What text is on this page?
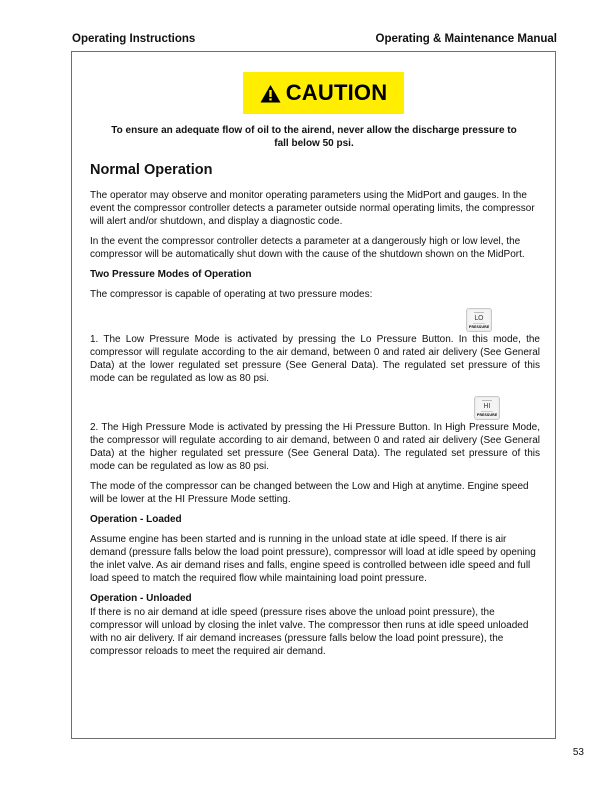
Operating Instructions	Operating & Maintenance Manual
CAUTION
To ensure an adequate flow of oil to the airend, never allow the discharge pressure to fall below 50 psi.
Normal Operation

The operator may observe and monitor operating parameters using the MidPort and gauges. In the event the compressor controller detects a parameter outside normal operating limits, the compressor will alert and/or shutdown, and display a diagnostic code.

In the event the compressor controller detects a parameter at a dangerously high or low level, the compressor will be automatically shut down with the cause of the shutdown shown on the MidPort.

Two Pressure Modes of Operation

The compressor is capable of operating at two pressure modes:

LO
PRESSURE

1. The Low Pressure Mode is activated by pressing the Lo Pressure Button. In this mode, the compressor will regulate according to the air demand, between 0 and rated air delivery (See General Data) at the lower regulated set pressure (See General Data). The regulated set pressure of this mode can be regulated as low as 80 psi.

HI
PRESSURE

2. The High Pressure Mode is activated by pressing the Hi Pressure Button. In High Pressure Mode, the compressor will regulate according to air demand, between 0 and rated air delivery (See General Data) at the higher regulated set pressure (See General Data). The regulated set pressure of this mode can be regulated as low as 80 psi.

The mode of the compressor can be changed between the Low and High at anytime. Engine speed will be lower at the HI Pressure Mode setting.

Operation - Loaded

Assume engine has been started and is running in the unload state at idle speed. If there is air demand (pressure falls below the load point pressure), compressor will load at idle speed by opening the inlet valve. As air demand rises and falls, engine speed is controlled between idle speed and full load speed to match the required flow while maintaining load point pressure.

Operation - Unloaded

If there is no air demand at idle speed (pressure rises above the unload point pressure), the compressor will unload by closing the inlet valve. The compressor then runs at idle speed unloaded with no air delivery. If air demand increases (pressure falls below the load point pressure), the compressor reloads to meet the required air demand.

53
